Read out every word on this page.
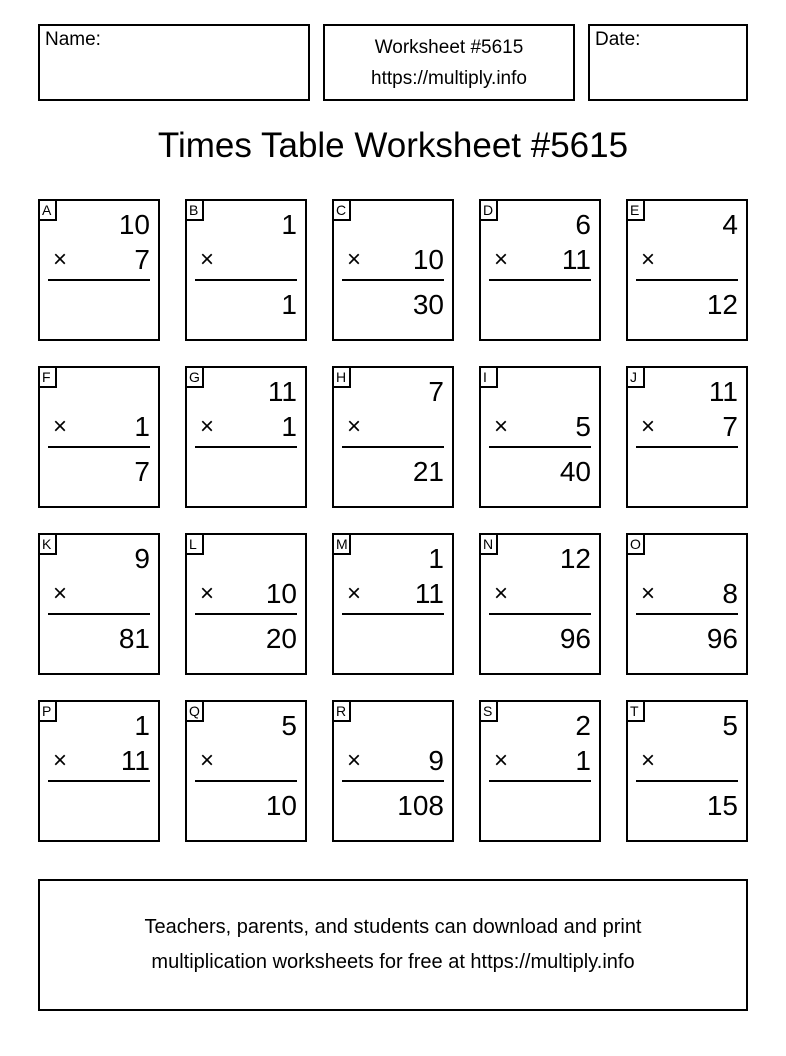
Name:	Worksheet #5615
https://multiply.info
Date:
Times Table Worksheet #5615
A 10
× 7
B	1
×
1
C
× 10
30
D	6
× 11
E	4
×
12
F
× 1
7
G 11
× 1
H	7
×
21
I
× 5
40
J	11
× 7
K	9
×
81
L
× 10
20
M	1
× 11
N 12
×
96
O
× 8
96
P	1
× 11
Q	5
×
10
R
× 9
108
S	2
× 1
T	5
×
15
Teachers, parents, and students can download and print
multiplication worksheets for free at https://multiply.info
